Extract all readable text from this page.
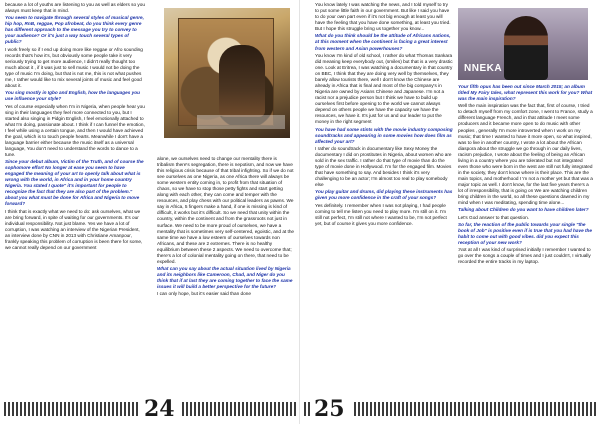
because a lot of youths are listening to you as well as elders so you always must keep that in mind.

You seem to navigate through several styles of musical genre, hip hop, RnB, reggae, Pop afrobeat, do you think every genre has different approach to the message you try to convey to your audience? Or it's just a way touch several types of public?

I work freely so if I end up doing more like reggae or Afro sounding records that's how it's, but obviously some people take it very seriously trying to get more audience, I didn't really thought too much about it , if it was just to sell music I would not be doing the type of music I'm doing, but that is not me, this is not what pushes me, I rather would like to mix several joints of music and feel good about it.

You sing mostly in Igbo and English, how the languages you use influence your style?

Yes of course especially when I'm in Nigeria, when people hear you sing in their languages they feel more connected to you, but I started also singing in Pidgin English, I feel emotionally attached to what I'm doing, passionate about. I think if I can funnel the emotion, I feel while using a certain tongue, and then I would have achieved the goal, which is to touch people hearts. Meanwhile I don't have a language barrier either because the music itself as a universal language, You don't need to understand the words to dance to a tune.

Since your debut album, Victim of the Truth, and of course the sophomore effort No longer at ease you seem to have engaged the meaning of your art to openly talk about what is wrong with the world, in Africa and in your home country Nigeria. You stated I quote" it's important for people to recognize the fact that they are also part of the problem." about you what must be done for Africa and Nigeria to move forward?

I think that is exactly what we need to do: ask ourselves, what we are bring forward, in spite of waiting for our governments. It's our individual responsibility. Not just blame. Yes we have a lot of corruption, I was watching an interview of the Nigerian President, an interview done by CNN in 2013 with Christiane Amanpour, frankly speaking this problem of corruption is been there for some, we cannot really depend on our government

alone, we ourselves need to change our mentality there is tribalism there's segregation, there is nepotism, and now we have this religious crisis because of that tribal infighting. So if we do not see ourselves as one Nigeria, as one Africa there will always be some western entity coming in, to profit from that situation of chaos, so we have to stop those petty fights and start getting along with each other, they can come and temper with the resources, and play chess with our political leaders as pawns. We say in Africa, 5 fingers make a hand, if one is missing is kind of difficult, it works but it's difficult. So we need that unity within the country, within the continent and from the grassroots not just in surface. We need to be more proud of ourselves, we have a mentality that is sometimes very self-centered, egoistic, and at the same time we have a low esteem of ourselves towards non Africans, and these are 2 extremes. There is no healthy equilibrium between these 2 aspects. We need to overcome that; there's a lot of colonial mentality going on there, that need to be expelled.

What can you say about the actual situation lived by Nigeria and its neighbors like Cameroon, Chad, and Niger do you think that if at last they are coming together to face the same issues it will build a better perspective for the future?

I can only hope, but it's easier said than done

You know lately I was watching the news, and I told myself to try to put some little faith in our government. But like I said you have to do your own part even if it's not big enough at least you will have the feeling that you have done something, at least you tried. But I hope this struggle bring us together you know...

What do you think should be the attitude of Africans nations, at this moment when the continent is facing a great interest from western and Asian powerhouses?

You know I'm kind of old school, I rather do what Thomas Sankara did meaning keep everybody out, (smiles) but that is a very drastic one. Look at Eritrea, I was watching a documentary in that country on BBC, I think that they are doing very well by themselves, they barely allow tourists there, well I don't know the Chinese are already in Africa that is final and most of the big company's in Nigeria are owned by Asians Chinese and Japanese. I'm not a racist nor a prejudice person but I think we have to build up ourselves first before opening to the world we cannot always depend on others people we have the capacity we have the resources, we have it. It's just for us and our leader to put the money in the right segment

You have had some stints with the movie industry composing soundtracks and appearing in some movies how does film as affected your art?

I rather do soundtrack in documentary like Sexy Money the documentary I did on prostitutes in Nigeria, about women who are sold in the sex traffic. I rather do that type of movie than do the type of movie done in Hollywood. I'm for the engaged film. Movies that have something to say. And besides I think it's very challenging to be an actor; I'm almost too real to play somebody else

You play guitar and drums, did playing these instruments has given you more confidence in the craft of your songs?

Yes definitely. I remember when I was not playing, I had people coming to tell me listen you need to play more. I'm still on it. I'm still not perfect, I'm still not where I wanted to be, I'm not perfect yet, but of course it gives you more confidence.

Your fifth opus has been out since March 2015; an album titled My Fairy tales, what represent this work for you? What was the main inspiration?

Well the main inspiration was the fact that, first of course, I tried to detach myself from my comfort zone, I went to France, study a different language French, and in that attitude I meet some producers and it became more open to do music with other peoples , generally I'm more introverted when I work on my music; that time I wanted to have it more open, so what inspired, was to live in another country, I wrote a lot about the African diaspora about the struggle we go through in our daily lives, racism prejudice, I wrote about the feeling of being an African living in a country where you are tolerated but not integrated even those who were born in the west are still not fully integrated in the society, they don't know where is their place. This are the main topics, and motherhood I 'm not a mother yet but that was a major topic as well. I don't know, for the last five years there's a lot of irresponsibility, that is going on We are watching children bring children in the world, so all these questions dawned in my mind when I was meditating, spending time alone...

Talking about Children do you want to have children later?

Let's God answer to that question.

So far, the reaction of the public towards your single "the book of Job" is positive even if is true that you had have the habit to come out with good vibes. did you expect this reception of your new work?

:Not at all I was kind of surprised initially I remember I wanted to go over the songs a couple of times and I just couldn't, I virtually recorded the entire tracks in my laptop.

NNEKA
24	25
